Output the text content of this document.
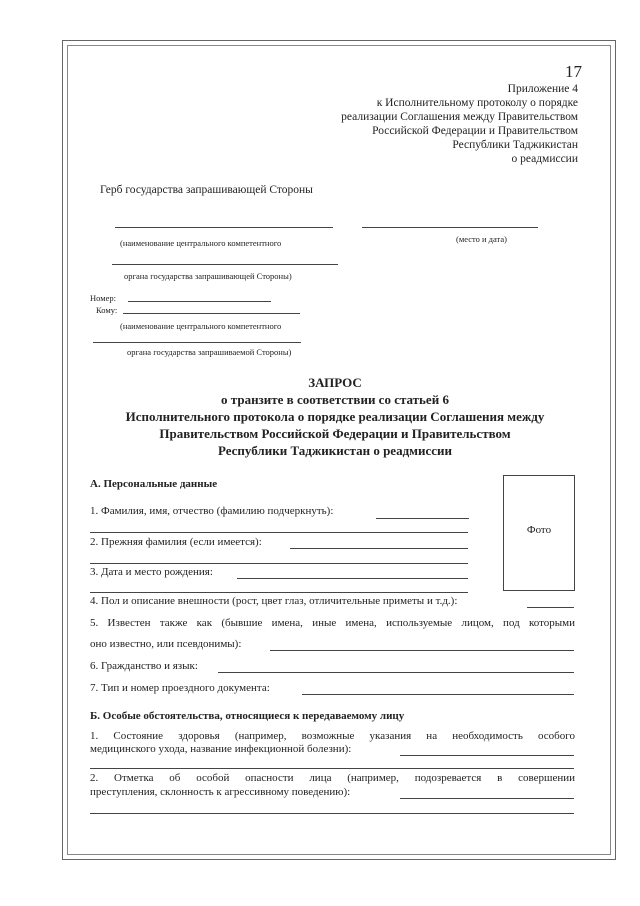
17
Приложение 4
к Исполнительному протоколу о порядке
реализации Соглашения между Правительством
Российской Федерации и Правительством
Республики Таджикистан
о реадмиссии
Герб государства запрашивающей Стороны
(наименование центрального компетентного	(место и дата)
органа государства запрашивающей Стороны)
Номер:
Кому:
(наименование центрального компетентного
органа государства запрашиваемой Стороны)
ЗАПРОС
о транзите в соответствии со статьей 6
Исполнительного протокола о порядке реализации Соглашения между
Правительством Российской Федерации и Правительством
Республики Таджикистан о реадмиссии
А. Персональные данные
Фото
1. Фамилия, имя, отчество (фамилию подчеркнуть):
2. Прежняя фамилия (если имеется):
3. Дата и место рождения:
4. Пол и описание внешности (рост, цвет глаз, отличительные приметы и т.д.):
5. Известен также как (бывшие имена, иные имена, используемые лицом, под которыми
оно известно, или псевдонимы):
6. Гражданство и язык:
7. Тип и номер проездного документа:
Б. Особые обстоятельства, относящиеся к передаваемому лицу
1. Состояние здоровья (например, возможные указания на необходимость особого
медицинского ухода, название инфекционной болезни):
2. Отметка об особой опасности лица (например, подозревается в совершении
преступления, склонность к агрессивному поведению):
